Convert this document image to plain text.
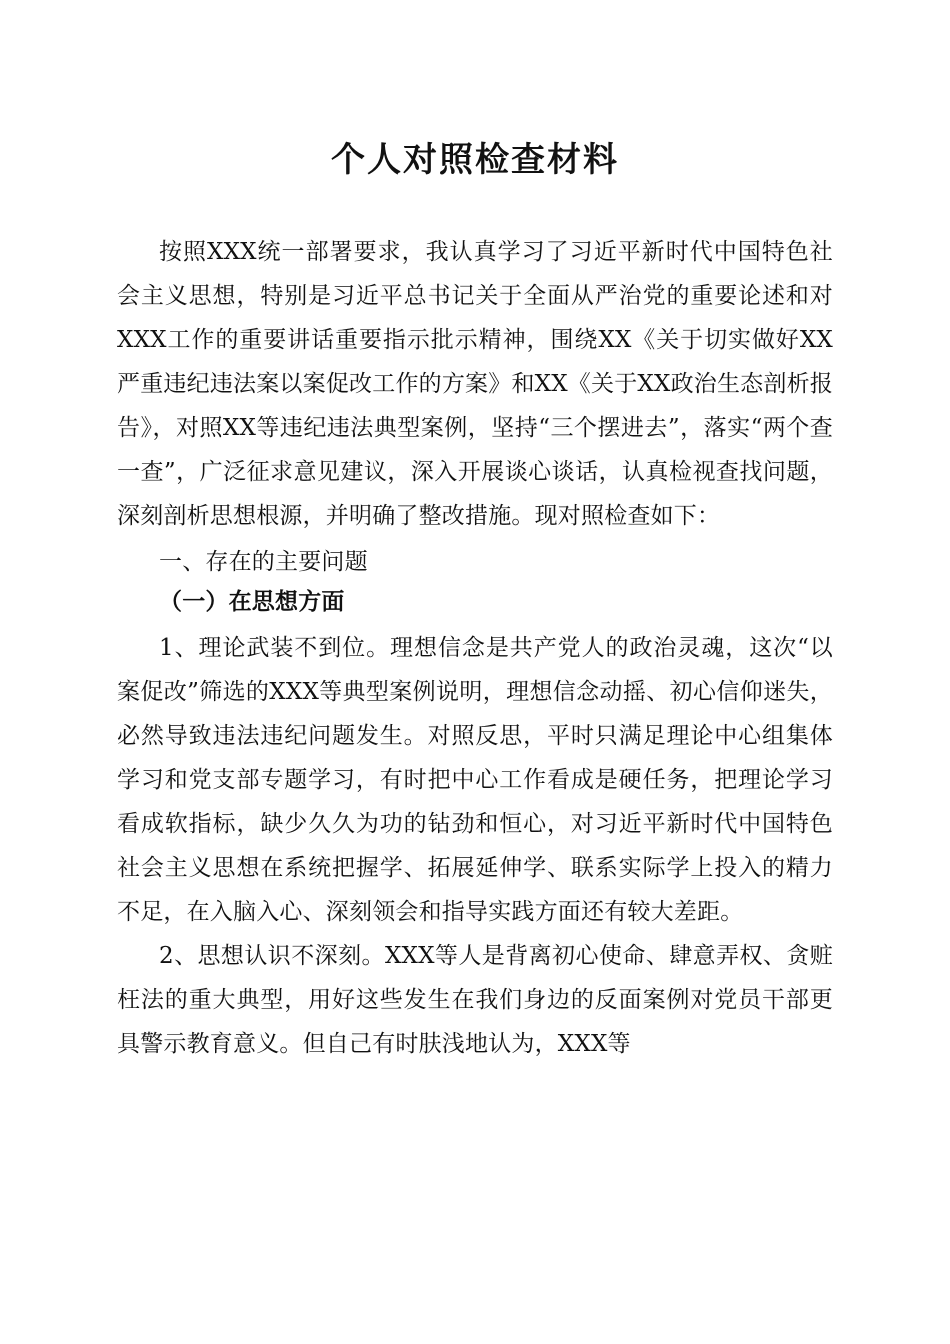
个人对照检查材料

按照XXX统一部署要求，我认真学习了习近平新时代中国特色社会主义思想，特别是习近平总书记关于全面从严治党的重要论述和对XXX工作的重要讲话重要指示批示精神，围绕XX《关于切实做好XX严重违纪违法案以案促改工作的方案》和XX《关于XX政治生态剖析报告》，对照XX等违纪违法典型案例，坚持“三个摆进去”，落实“两个查一查”，广泛征求意见建议，深入开展谈心谈话，认真检视查找问题，深刻剖析思想根源，并明确了整改措施。现对照检查如下：

一、存在的主要问题

（一）在思想方面

1、理论武装不到位。理想信念是共产党人的政治灵魂，这次“以案促改”筛选的XXX等典型案例说明，理想信念动摇、初心信仰迷失，必然导致违法违纪问题发生。对照反思，平时只满足理论中心组集体学习和党支部专题学习，有时把中心工作看成是硬任务，把理论学习看成软指标，缺少久久为功的钻劲和恒心，对习近平新时代中国特色社会主义思想在系统把握学、拓展延伸学、联系实际学上投入的精力不足，在入脑入心、深刻领会和指导实践方面还有较大差距。

2、思想认识不深刻。XXX等人是背离初心使命、肆意弄权、贪赃枉法的重大典型，用好这些发生在我们身边的反面案例对党员干部更具警示教育意义。但自己有时肤浅地认为，XXX等
